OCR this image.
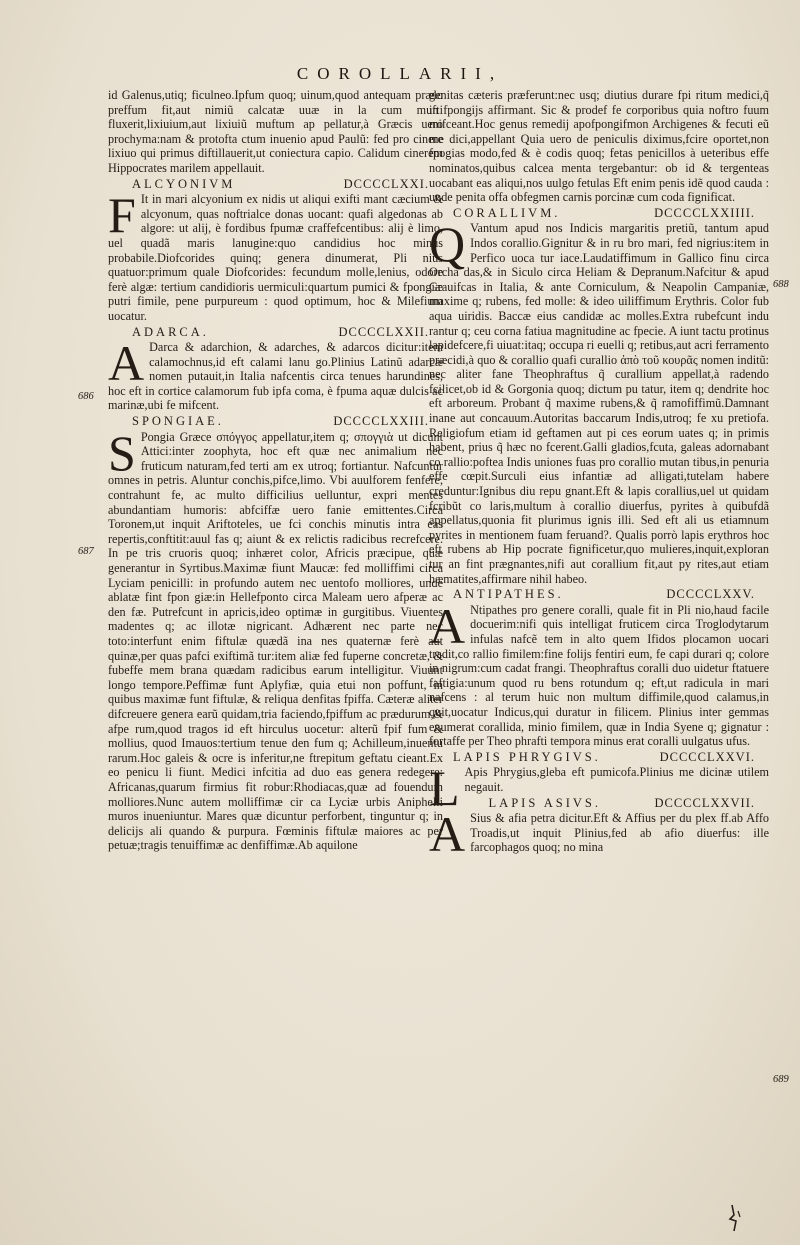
COROLLARII,
686
687
688
689

id Galenus,utiq; ficulneo.Ipfum quoq; uinum,quod antequam prælo preffum fit,aut nimiũ calcatæ uuæ in la cum mufti fluxerit,lixiuium,aut lixiuiũ muftum ap pellatur,à Græcis uero prochyma:nam & protofta ctum inuenio apud Paulũ: fed pro cinere lixiuo qui primus diftillauerit,ut coniectura capio. Calidum cinerem Hippocrates marilem appellauit.

ALCYONIVM	DCCCCLXXI.

F It in mari alcyonium ex nidis ut aliqui exifti mant cæcium & alcyonum, quas noftrialce donas uocant: quafi algedonas ab algore: ut alij, è fordibus fpumæ craffefcentibus: alij è limo, uel quadã maris lanugine:quo candidius hoc minus probabile.Diofcorides quinq; genera dinumerat, Pli nius quatuor:primum quale Diofcorides: fecundum molle,lenius, odore ferè algæ: tertium candidioris uermiculi:quartum pumici & fpongiæ putri fimile, pene purpureum : quod optimum, hoc & Milefium uocatur.

ADARCA.	DCCCCLXXII.

A Darca & adarchion, & adarches, & adarcos dicitur:item calamochnus,id eft calami lanu go.Plinius Latinũ adarcæ nomen putauit,in Italia nafcentis circa tenues harundines, hoc eft in cortice calamorum fub ipfa coma, è fpuma aquæ dulcis ac marinæ,ubi fe mifcent.

SPONGIAE.	DCCCCLXXIII.

S Pongia Græce σπόγγος appellatur,item q; σπογγιὰ ut dicunt Attici:inter zoophyta, hoc eft quæ nec animalium nec fruticum naturam,fed terti am ex utroq; fortiantur. Nafcuntur omnes in petris. Aluntur conchis,pifce,limo. Vbi auulforem fenfere, contrahunt fe, ac multo difficilius uelluntur, expri mentes abundantiam humoris: abfciffæ uero fanie emittentes.Circa Toronem,ut inquit Ariftoteles, ue fci conchis minutis intra eas repertis,conftitit:auul fas q; aiunt & ex relictis radicibus recrefcere. In pe tris cruoris quoq; inhæret color, Africis præcipue, quæ generantur in Syrtibus.Maximæ fiunt Maucæ: fed molliffimi circa Lyciam penicilli: in profundo autem nec uentofo molliores, unde ablatæ fint fpon giæ:in Hellefponto circa Maleam uero afperæ ac den fæ. Putrefcunt in apricis,ideo optimæ in gurgitibus. Viuentes madentes q; ac illotæ nigricant. Adhærent nec parte nec toto:interfunt enim fiftulæ quædã ina nes quaternæ ferè aut quinæ,per quas pafci exiftimã tur:item aliæ fed fuperne concretæ, & fubeffe mem brana quædam radicibus earum intelligitur. Viuunt longo tempore.Peffimæ funt Aplyfiæ, quia etui non poffunt, in quibus maximæ funt fiftulæ, & reliqua denfitas fpiffa. Cæteræ aliter difcreuere genera earũ quidam,tria faciendo,fpiffum ac prædurum,& afpe rum,quod tragos id eft hirculus uocetur: alterũ fpif fum & mollius, quod Imauos:tertium tenue den fum q; Achilleum,inuentu rarum.Hoc galeis & ocre is inferitur,ne ftrepitum geftatu cieant.Ex eo penicu li fiunt. Medici infcitia ad duo eas genera redegere: Africanas,quarum firmius fit robur:Rhodiacas,quæ ad fouendum molliores.Nunc autem molliffimæ cir ca Lyciæ urbis Aniphelli muros inueniuntur. Mares quæ dicuntur perforbent, tinguntur q; in delicijs ali quando & purpura. Fœminis fiftulæ maiores ac per petuæ;tragis tenuiffimæ ac denfiffimæ.Ab aquilone

genitas cæteris præferunt:nec usq; diutius durare fpi ritum medici,q̃ in fpongijs affirmant. Sic & prodef fe corporibus quia noftro fuum mifceant.Hoc genus remedij apofpongifmon Archigenes & fecuti eũ me dici,appellant Quia uero de peniculis diximus,fcire oportet,non fpogias modo,fed & è codis quoq; fetas penicillos à ueteribus effe nominatos,quibus calcea menta tergebantur: ob id & tergenteas uocabant eas aliqui,nos uulgo fetulas Eft enim penis idẽ quod cauda : unde penita offa obfegmen carnis porcinæ cum coda fignificat.

CORALLIVM.	DCCCCLXXIIII.

Q Vantum apud nos Indicis margaritis pretiũ, tantum apud Indos corallio.Gignitur & in ru bro mari, fed nigrius:item in Perfico uoca tur iace.Laudatiffimum in Gallico finu circa Orcha das,& in Siculo circa Heliam & Depranum.Nafcitur & apud Grauifcas in Italia, & ante Corniculum, & Neapolin Campaniæ, maxime q; rubens, fed molle: & ideo uiliffimum Erythris. Color fub aqua uiridis. Baccæ eius candidæ ac molles.Extra rubefcunt indu rantur q; ceu corna fatiua magnitudine ac fpecie. A iunt tactu protinus lapidefcere,fi uiuat:itaq; occupa ri euelli q; retibus,aut acri ferramento præcidi,à quo & corallio quafi curallio ἀπὸ τοῦ κουρᾶς nomen inditũ: nec aliter fane Theophraftus q̃ curallium appellat,à radendo fcilicet,ob id & Gorgonia quoq; dictum pu tatur, item q; dendrite hoc eft arboreum. Probant q̃ maxime rubens,& q̃ ramofiffimũ.Damnant inane aut concauum.Autoritas baccarum Indis,utroq; fe xu pretiofa. Religiofum etiam id geftamen aut pi ces eorum uates q; in primis habent, prius q̃ hæc no fcerent.Galli gladios,fcuta, galeas adornabant co rallio:poftea Indis uniones fuas pro corallio mutan tibus,in penuria effe cœpit.Surculi eius infantiæ ad alligati,tutelam habere creduntur:Ignibus diu repu gnant.Eft & lapis corallius,uel ut quidam fcribũt co laris,multum à corallio diuerfus, pyrites à quibufdã appellatus,quonia fit plurimus ignis illi. Sed eft ali us etiamnum pyrites in mentionem fuam feruand?. Qualis porrò lapis erythros hoc eft rubens ab Hip pocrate fignificetur,quo mulieres,inquit,exploran tur an fint prægnantes,nifi aut corallium fit,aut py rites,aut etiam hæmatites,affirmare nihil habeo.

ANTIPATHES.	DCCCCLXXV.

A Ntipathes pro genere coralli, quale fit in Pli nio,haud facile docuerim:nifi quis intelligat fruticem circa Troglodytarum infulas nafcẽ tem in alto quem Ifidos plocamon uocari tradit,co rallio fimilem:fine folijs fentiri eum, fe capi durari q; colore in nigrum:cum cadat frangi. Theophraftus coralli duo uidetur ftatuere faftigia:unum quod ru bens rotundum q; eft,ut radicula in mari nafcens : al terum huic non multum diffimile,quod calamus,in quit,uocatur Indicus,qui duratur in filicem. Plinius inter gemmas enumerat corallida, minio fimilem, quæ in India Syene q; gignatur : fortaffe per Theo phrafti tempora minus erat coralli uulgatus ufus.

LAPIS PHRYGIVS.	DCCCCLXXVI.

L Apis Phrygius,gleba eft pumicofa.Plinius me dicinæ utilem negauit.

LAPIS ASIVS.	DCCCCLXXVII.

A Sius & afia petra dicitur.Eft & Affius per du plex ff.ab Affo Troadis,ut inquit Plinius,fed ab afio diuerfus: ille farcophagos quoq; no mina
